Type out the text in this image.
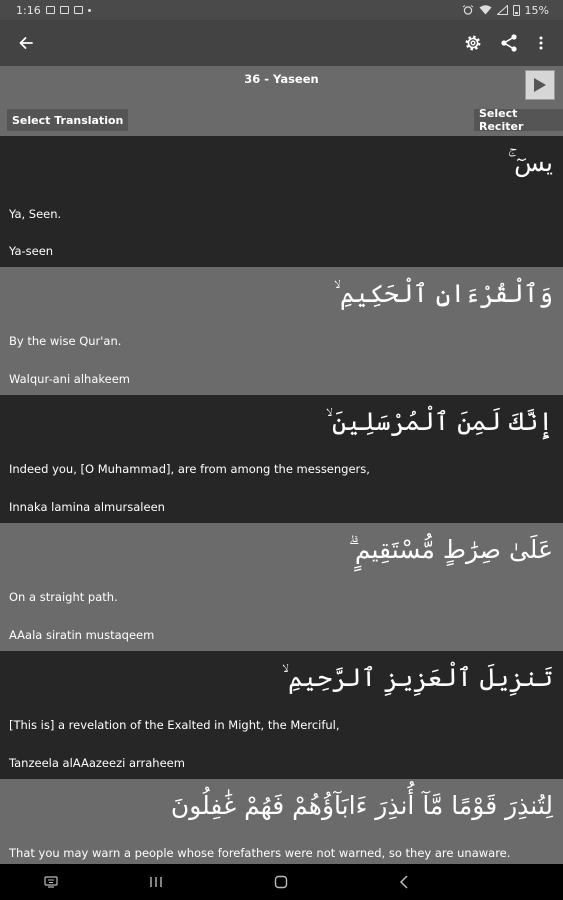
1:16	15%
36 - Yaseen
Select Translation	Select Reciter
يسٓ ۚ
Ya, Seen.
Ya-seen
وَٱلْقُرْءَانِ ٱلْحَكِيمِ ۙ
By the wise Qur'an.
Walqur-ani alhakeem
إِنَّكَ لَمِنَ ٱلْمُرْسَلِينَ ۙ
Indeed you, [O Muhammad], are from among the messengers,
Innaka lamina almursaleen
عَلَىٰ صِرَٰطٍ مُّسْتَقِيمٍ ۗ
On a straight path.
AAala siratin mustaqeem
تَنزِيلَ ٱلْعَزِيزِ ٱلرَّحِيمِ ۙ
[This is] a revelation of the Exalted in Might, the Merciful,
Tanzeela alAAazeezi arraheem
لِتُنذِرَ قَوْمًا مَّآ أُنذِرَ ءَابَآؤُهُمْ فَهُمْ غَٰفِلُونَ
That you may warn a people whose forefathers were not warned, so they are unaware.
